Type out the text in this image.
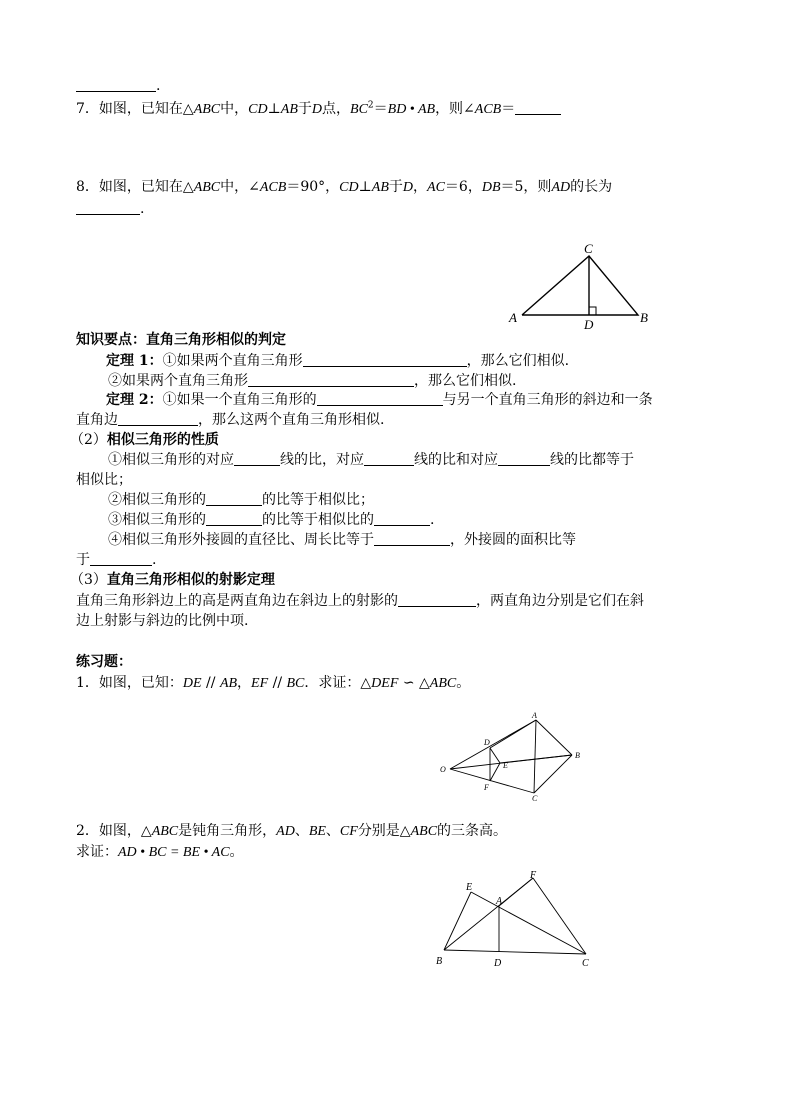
.
7．如图，已知在△ABC中，CD⊥AB于D点，$BC^2=BD$ • AB，则∠ACB＝
8．如图，已知在△ABC中，∠ACB＝90°，CD⊥AB于D，AC＝6，DB＝5，则AD的长为
.
C
A	B
D
知识要点：直角三角形相似的判定
定理 1：①如果两个直角三角形	，那么它们相似.
②如果两个直角三角形	，那么它们相似.
定理 2：①如果一个直角三角形的	与另一个直角三角形的斜边和一条
直角边	，那么这两个直角三角形相似.
（2）相似三角形的性质
①相似三角形的对应	线的比，对应	线的比和对应	线的比都等于
相似比；
②相似三角形的	的比等于相似比；
③相似三角形的	的比等于相似比的	.
④相似三角形外接圆的直径比、周长比等于	，外接圆的面积比等
于	.
（3）直角三角形相似的射影定理
直角三角形斜边上的高是两直角边在斜边上的射影的	，两直角边分别是它们在斜
边上射影与斜边的比例中项.
练习题：
1．如图，已知：DE // AB，EF // BC．求证：△DEF ∽ △ABC。
A
B
C
D
E
F
O
2．如图，△ABC是钝角三角形，AD、BE、CF分别是△ABC的三条高。
求证：AD • BC = BE • AC。
E
F
A
B	D	C
